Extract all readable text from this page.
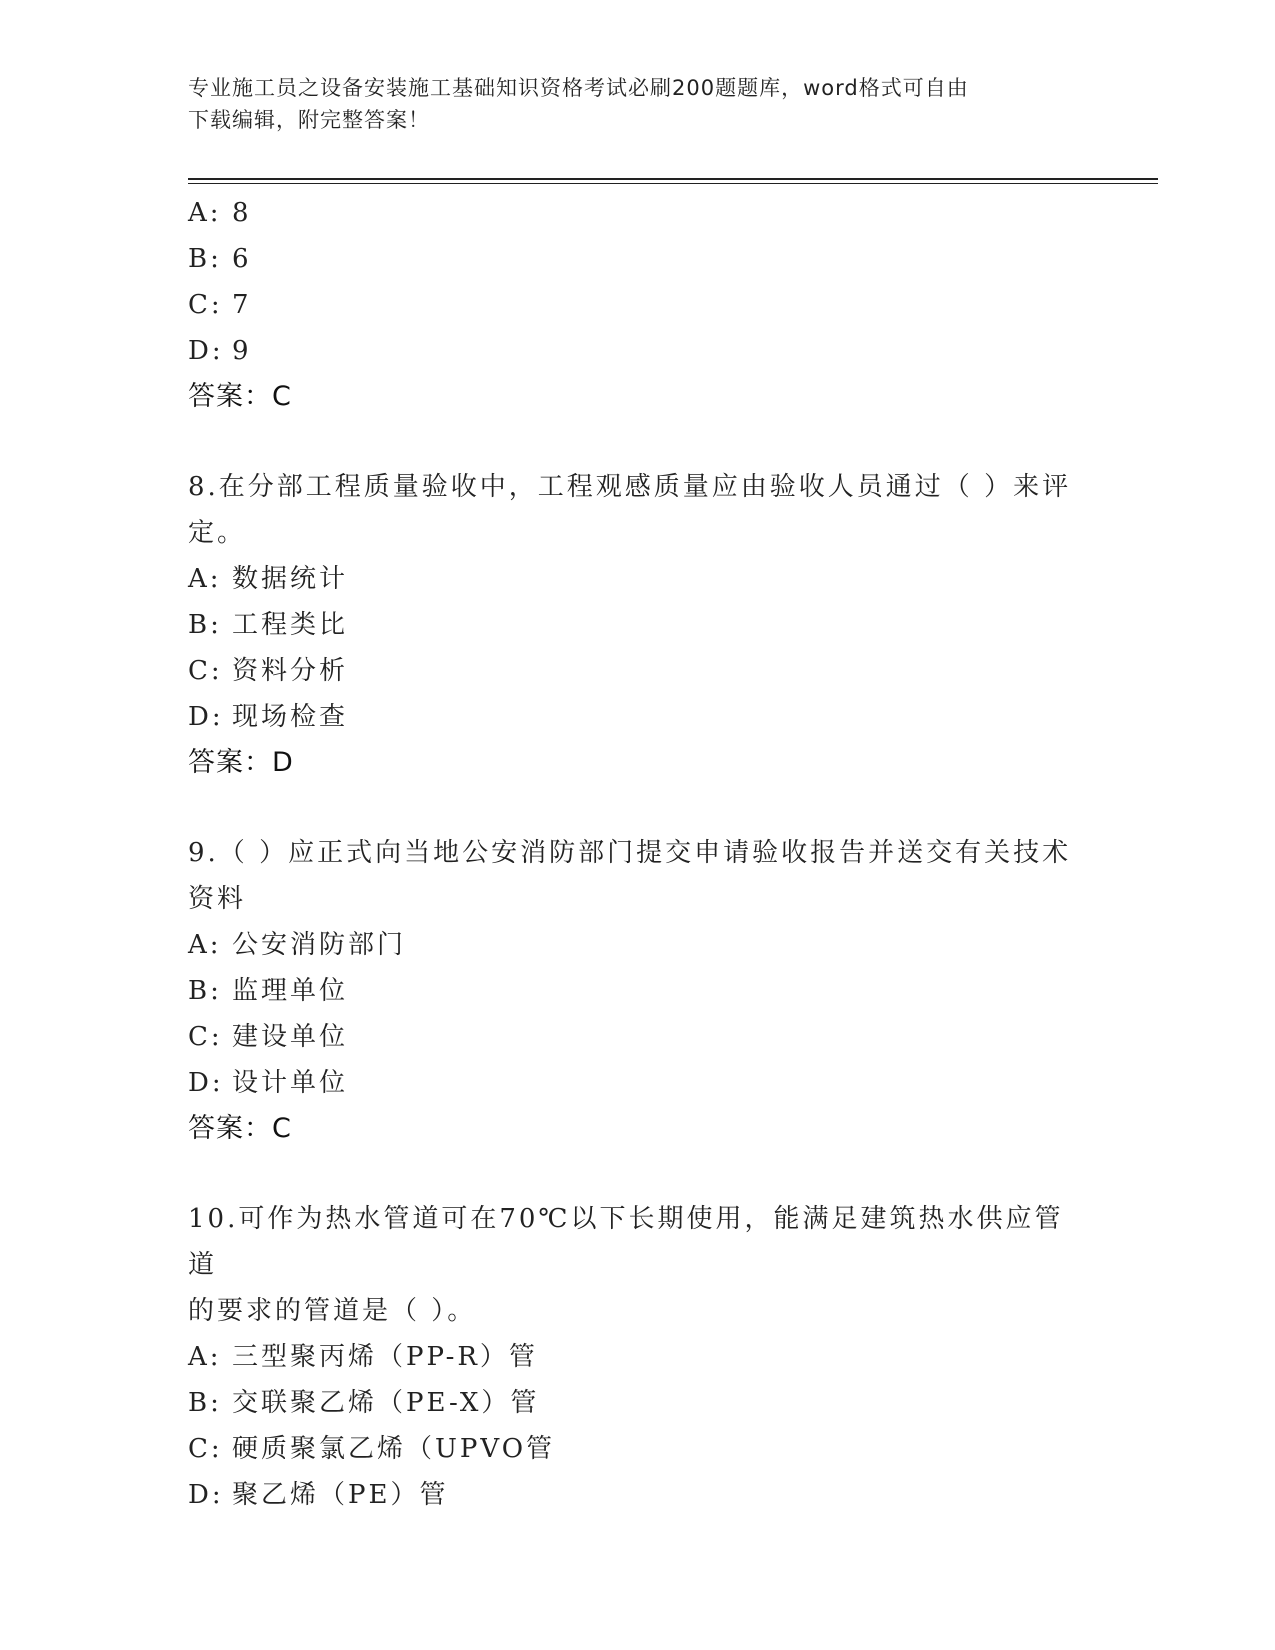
专业施工员之设备安装施工基础知识资格考试必刷200题题库，word格式可自由
下载编辑，附完整答案！
A: 8
B: 6
C: 7
D: 9
答案：C
8.在分部工程质量验收中，工程观感质量应由验收人员通过（ ）来评
定。
A: 数据统计
B: 工程类比
C: 资料分析
D: 现场检查
答案：D
9.（ ）应正式向当地公安消防部门提交申请验收报告并送交有关技术
资料
A: 公安消防部门
B: 监理单位
C: 建设单位
D: 设计单位
答案：C
10.可作为热水管道可在70℃以下长期使用，能满足建筑热水供应管道
的要求的管道是（ ）。
A: 三型聚丙烯（PP-R）管
B: 交联聚乙烯（PE-X）管
C: 硬质聚氯乙烯（UPVO管
D: 聚乙烯（PE）管
